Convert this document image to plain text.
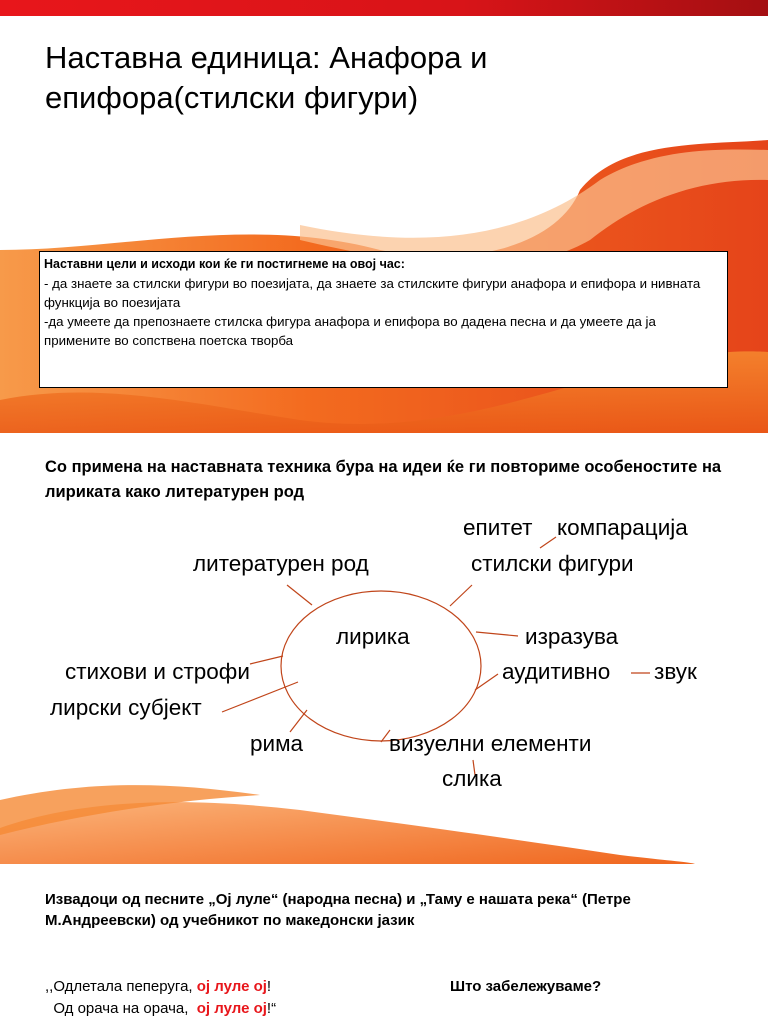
Наставна единица: Анафора и епифора(стилски фигури)
Наставни цели и исходи кои ќе ги постигнеме на овој час:
- да знаете за стилски фигури во поезијата, да знаете за стилските фигури анафора и епифора и нивната функција во поезијата
-да умеете да препознаете стилска фигура анафора и епифора во дадена песна и да умеете да ја примените во сопствена поетска творба
Со примена на наставната техника бура на идеи ќе ги повториме особеностите на лириката како литературен род
епитет компарација
литературен род	стилски фигури
лирика	изразува
стихови и строфи	аудитивно звук
лирски субјект
рима	визуелни елементи
слика
Извадоци од песните „Ој луле“ (народна песна) и „Таму е нашата река“ (Петре М.Андреевски) од учебникот по македонски јазик
,,Одлетала пеперуга, ој луле ој!
Од орача на орача,  ој луле ој!“
Што забележуваме?
